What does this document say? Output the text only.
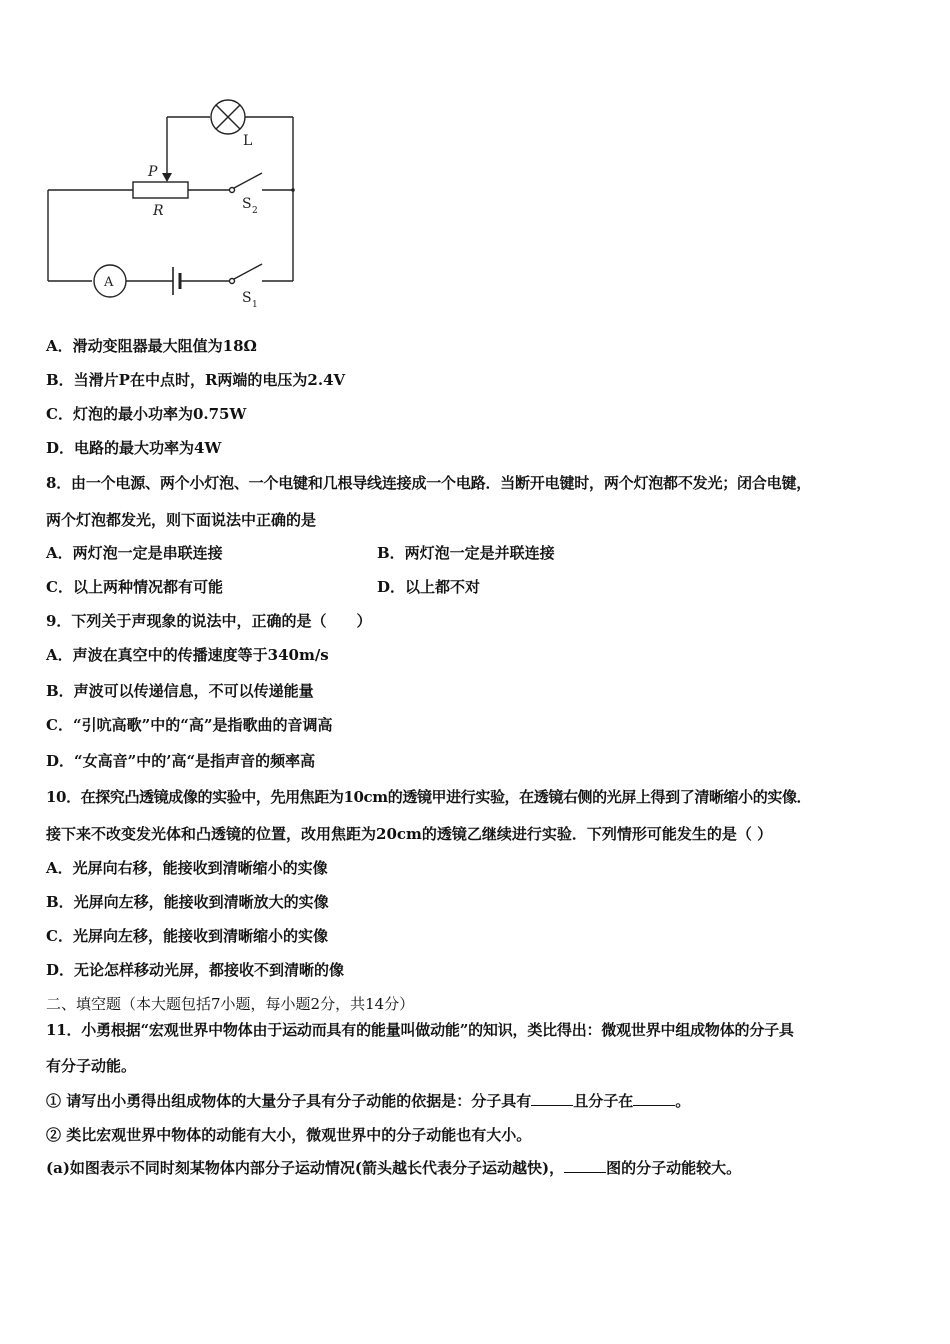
L
P
R	S 2
S 1
A
A．滑动变阻器最大阻值为18Ω
B．当滑片P在中点时，R两端的电压为2.4V
C．灯泡的最小功率为0.75W
D．电路的最大功率为4W
8．由一个电源、两个小灯泡、一个电键和几根导线连接成一个电路．当断开电键时，两个灯泡都不发光；闭合电键，
两个灯泡都发光，则下面说法中正确的是
A．两灯泡一定是串联连接	B．两灯泡一定是并联连接
C．以上两种情况都有可能	D．以上都不对
9．下列关于声现象的说法中，正确的是（　　）
A．声波在真空中的传播速度等于340m/s
B．声波可以传递信息，不可以传递能量
C．“引吭高歌”中的“高”是指歌曲的音调高
D．“女高音”中的’高“是指声音的频率高
10．在探究凸透镜成像的实验中，先用焦距为10cm的透镜甲进行实验，在透镜右侧的光屏上得到了清晰缩小的实像．
接下来不改变发光体和凸透镜的位置，改用焦距为20cm的透镜乙继续进行实验．下列情形可能发生的是（ ）
A．光屏向右移，能接收到清晰缩小的实像
B．光屏向左移，能接收到清晰放大的实像
C．光屏向左移，能接收到清晰缩小的实像
D．无论怎样移动光屏，都接收不到清晰的像
二、填空题（本大题包括7小题，每小题2分，共14分）
11．小勇根据“宏观世界中物体由于运动而具有的能量叫做动能”的知识，类比得出：微观世界中组成物体的分子具
有分子动能。
① 请写出小勇得出组成物体的大量分子具有分子动能的依据是：分子具有	且分子在	。
② 类比宏观世界中物体的动能有大小，微观世界中的分子动能也有大小。
(a)如图表示不同时刻某物体内部分子运动情况(箭头越长代表分子运动越快)，	图的分子动能较大。
